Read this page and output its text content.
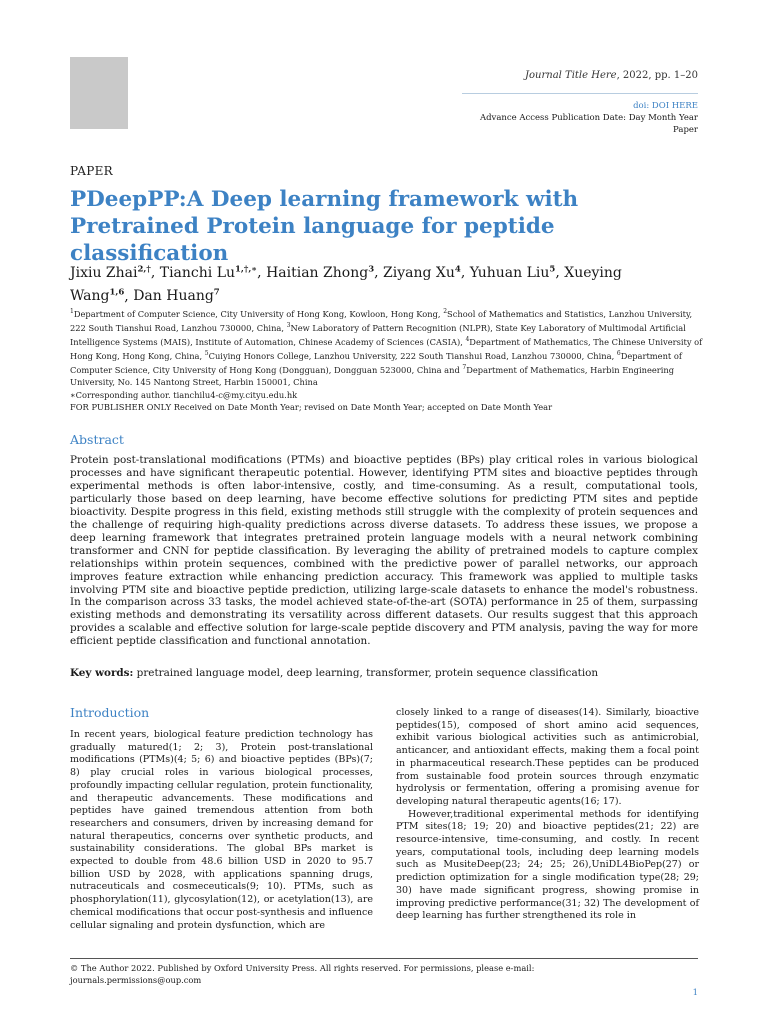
Journal Title Here, 2022, pp. 1–20
doi: DOI HERE
Advance Access Publication Date: Day Month Year
Paper
PAPER
PDeepPP:A Deep learning framework with Pretrained Protein language for peptide classification
Jixiu Zhai$^{2,\dagger}$, Tianchi $Lu^{1,\dagger,∗}$, Haitian Zhong$^3$, Ziyang Xu$^4$, Yuhuan Liu$^5$, Xueying Wang$^{1,6}$, Dan Huang$^7$
$^1$Department of Computer Science, City University of Hong Kong, Kowloon, Hong Kong, $^2$School of Mathematics and Statistics, Lanzhou University, 222 South Tianshui Road, Lanzhou 730000, China, $^3$New Laboratory of Pattern Recognition (NLPR), State Key Laboratory of Multimodal Artificial Intelligence Systems (MAIS), Institute of Automation, Chinese Academy of Sciences (CASIA), $^4$Department of Mathematics, The Chinese University of Hong Kong, Hong Kong, China, $^5$Cuiying Honors College, Lanzhou University, 222 South Tianshui Road, Lanzhou 730000, China, $^6$Department of Computer Science, City University of Hong Kong (Dongguan), Dongguan 523000, China and $^7$Department of Mathematics, Harbin Engineering University, No. 145 Nantong Street, Harbin 150001, China
∗Corresponding author. tianchilu4-c@my.cityu.edu.hk
FOR PUBLISHER ONLY Received on Date Month Year; revised on Date Month Year; accepted on Date Month Year
Abstract

Protein post-translational modifications (PTMs) and bioactive peptides (BPs) play critical roles in various biological processes and have significant therapeutic potential. However, identifying PTM sites and bioactive peptides through experimental methods is often labor-intensive, costly, and time-consuming. As a result, computational tools, particularly those based on deep learning, have become effective solutions for predicting PTM sites and peptide bioactivity. Despite progress in this field, existing methods still struggle with the complexity of protein sequences and the challenge of requiring high-quality predictions across diverse datasets. To address these issues, we propose a deep learning framework that integrates pretrained protein language models with a neural network combining transformer and CNN for peptide classification. By leveraging the ability of pretrained models to capture complex relationships within protein sequences, combined with the predictive power of parallel networks, our approach improves feature extraction while enhancing prediction accuracy. This framework was applied to multiple tasks involving PTM site and bioactive peptide prediction, utilizing large-scale datasets to enhance the model's robustness. In the comparison across 33 tasks, the model achieved state-of-the-art (SOTA) performance in 25 of them, surpassing existing methods and demonstrating its versatility across different datasets. Our results suggest that this approach provides a scalable and effective solution for large-scale peptide discovery and PTM analysis, paving the way for more efficient peptide classification and functional annotation.

Key words: pretrained language model, deep learning, transformer, protein sequence classification
Introduction

In recent years, biological feature prediction technology has gradually matured(1; 2; 3), Protein post-translational modifications (PTMs)(4; 5; 6) and bioactive peptides (BPs)(7; 8) play crucial roles in various biological processes, profoundly impacting cellular regulation, protein functionality, and therapeutic advancements. These modifications and peptides have gained tremendous attention from both researchers and consumers, driven by increasing demand for natural therapeutics, concerns over synthetic products, and sustainability considerations. The global BPs market is expected to double from 48.6 billion USD in 2020 to 95.7 billion USD by 2028, with applications spanning drugs, nutraceuticals and cosmeceuticals(9; 10). PTMs, such as phosphorylation(11), glycosylation(12), or acetylation(13), are chemical modifications that occur post-synthesis and influence cellular signaling and protein dysfunction, which are

closely linked to a range of diseases(14). Similarly, bioactive peptides(15), composed of short amino acid sequences, exhibit various biological activities such as antimicrobial, anticancer, and antioxidant effects, making them a focal point in pharmaceutical research.These peptides can be produced from sustainable food protein sources through enzymatic hydrolysis or fermentation, offering a promising avenue for developing natural therapeutic agents(16; 17).

However,traditional experimental methods for identifying PTM sites(18; 19; 20) and bioactive peptides(21; 22) are resource-intensive, time-consuming, and costly. In recent years, computational tools, including deep learning models such as MusiteDeep(23; 24; 25; 26),UniDL4BioPep(27) or prediction optimization for a single modification type(28; 29; 30) have made significant progress, showing promise in improving predictive performance(31; 32) The development of deep learning has further strengthened its role in

© The Author 2022. Published by Oxford University Press. All rights reserved. For permissions, please e-mail:
journals.permissions@oup.com
1
